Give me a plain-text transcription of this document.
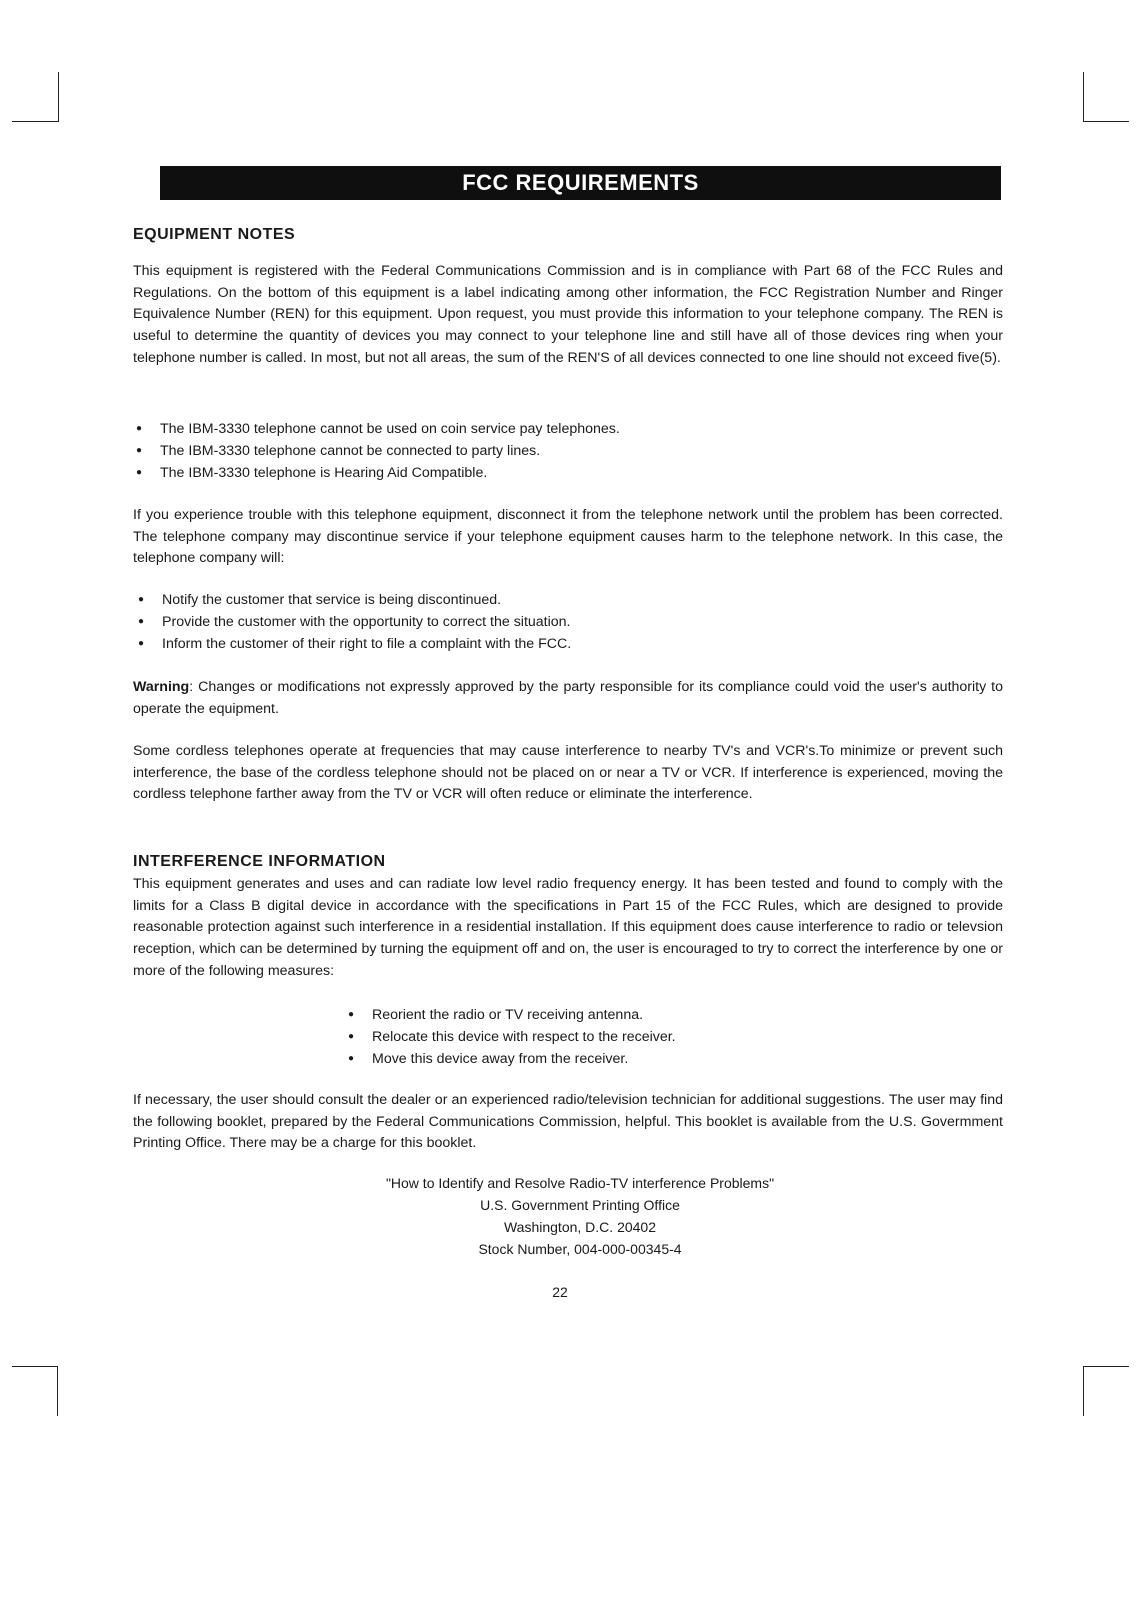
FCC REQUIREMENTS
EQUIPMENT NOTES
This equipment is registered with the Federal Communications Commission and is in compliance with Part 68 of the FCC Rules and Regulations. On the bottom of this equipment is a label indicating among other information, the FCC Registration Number and Ringer Equivalence Number (REN) for this equipment. Upon request, you must provide this information to your telephone company. The REN is useful to determine the quantity of devices you may connect to your telephone line and still have all of those devices ring when your telephone number is called. In most, but not all areas, the sum of the REN'S of all devices connected to one line should not exceed five(5).
● The IBM-3330 telephone cannot be used on coin service pay telephones.
● The IBM-3330 telephone cannot be connected to party lines.
● The IBM-3330 telephone is Hearing Aid Compatible.
If you experience trouble with this telephone equipment, disconnect it from the telephone network until the problem has been corrected. The telephone company may discontinue service if your telephone equipment causes harm to the telephone network. In this case, the telephone company will:
● Notify the customer that service is being discontinued.
● Provide the customer with the opportunity to correct the situation.
● Inform the customer of their right to file a complaint with the FCC.
Warning: Changes or modifications not expressly approved by the party responsible for its compliance could void the user's authority to operate the equipment.
Some cordless telephones operate at frequencies that may cause interference to nearby TV's and VCR's.To minimize or prevent such interference, the base of the cordless telephone should not be placed on or near a TV or VCR. If interference is experienced, moving the cordless telephone farther away from the TV or VCR will often reduce or eliminate the interference.
INTERFERENCE INFORMATION
This equipment generates and uses and can radiate low level radio frequency energy. It has been tested and found to comply with the limits for a Class B digital device in accordance with the specifications in Part 15 of the FCC Rules, which are designed to provide reasonable protection against such interference in a residential installation. If this equipment does cause interference to radio or televsion reception, which can be determined by turning the equipment off and on, the user is encouraged to try to correct the interference by one or more of the following measures:
● Reorient the radio or TV receiving antenna.
● Relocate this device with respect to the receiver.
● Move this device away from the receiver.
If necessary, the user should consult the dealer or an experienced radio/television technician for additional suggestions. The user may find the following booklet, prepared by the Federal Communications Commission, helpful. This booklet is available from the U.S. Govermment Printing Office. There may be a charge for this booklet.
"How to Identify and Resolve Radio-TV interference Problems"
U.S. Government Printing Office
Washington, D.C. 20402
Stock Number, 004-000-00345-4
22
